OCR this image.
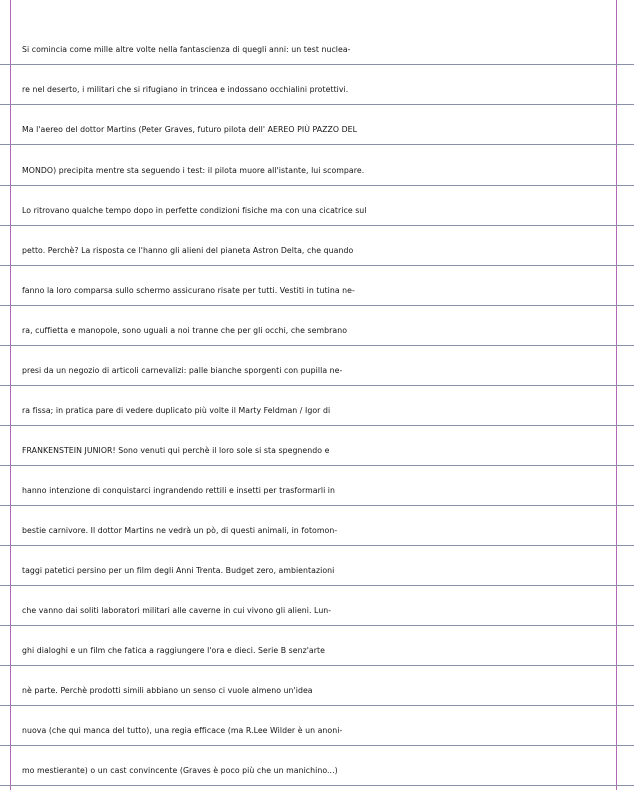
Si comincia come mille altre volte nella fantascienza di quegli anni: un test nuclea-
re nel deserto, i militari che si rifugiano in trincea e indossano occhialini protettivi.
Ma l'aereo del dottor Martins (Peter Graves, futuro pilota dell' AEREO PIÙ PAZZO DEL
MONDO) precipita mentre sta seguendo i test: il pilota muore all'istante, lui scompare.
Lo ritrovano qualche tempo dopo in perfette condizioni fisiche ma con una cicatrice sul
petto. Perchè? La risposta ce l'hanno gli alieni del pianeta Astron Delta, che quando
fanno la loro comparsa sullo schermo assicurano risate per tutti. Vestiti in tutina ne-
ra, cuffietta e manopole, sono uguali a noi tranne che per gli occhi, che sembrano
presi da un negozio di articoli carnevalizi: palle bianche sporgenti con pupilla ne-
ra fissa; in pratica pare di vedere duplicato più volte il Marty Feldman / Igor di
FRANKENSTEIN JUNIOR! Sono venuti qui perchè il loro sole si sta spegnendo e
hanno intenzione di conquistarci ingrandendo rettili e insetti per trasformarli in
bestie carnivore. Il dottor Martins ne vedrà un pò, di questi animali, in fotomon-
taggi patetici persino per un film degli Anni Trenta. Budget zero, ambientazioni
che vanno dai soliti laboratori militari alle caverne in cui vivono gli alieni. Lun-
ghi dialoghi e un film che fatica a raggiungere l'ora e dieci. Serie B senz'arte
nè parte. Perchè prodotti simili abbiano un senso ci vuole almeno un'idea
nuova (che qui manca del tutto), una regia efficace (ma R.Lee Wilder è un anoni-
mo mestierante) o un cast convincente (Graves è poco più che un manichino...)
